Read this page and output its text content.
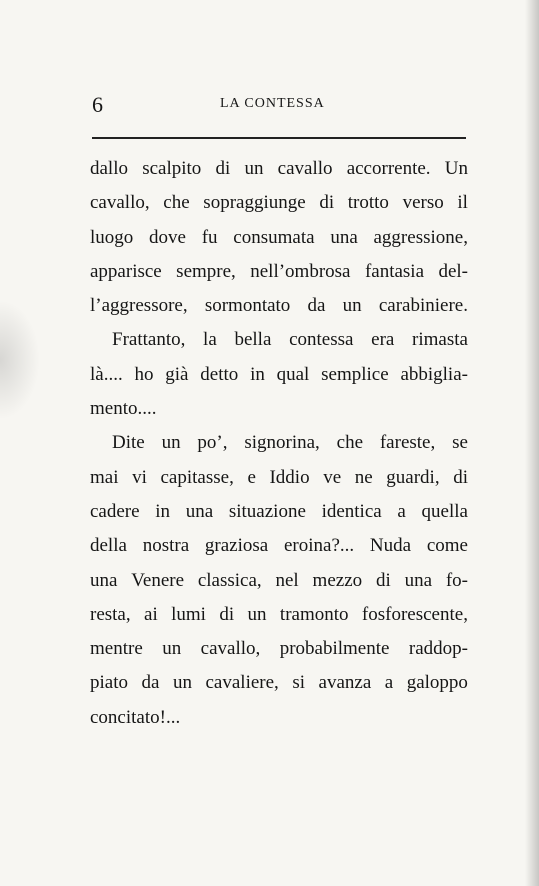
6	LA CONTESSA
dallo scalpito di un cavallo accorrente. Un
cavallo, che sopraggiunge di trotto verso il
luogo dove fu consumata una aggressione,
apparisce sempre, nell’ombrosa fantasia del-
l’aggressore, sormontato da un carabiniere.
Frattanto, la bella contessa era rimasta
là.... ho già detto in qual semplice abbiglia-
mento....
Dite un po’, signorina, che fareste, se
mai vi capitasse, e Iddio ve ne guardi, di
cadere in una situazione identica a quella
della nostra graziosa eroina?... Nuda come
una Venere classica, nel mezzo di una fo-
resta, ai lumi di un tramonto fosforescente,
mentre un cavallo, probabilmente raddop-
piato da un cavaliere, si avanza a galoppo
concitato!...
